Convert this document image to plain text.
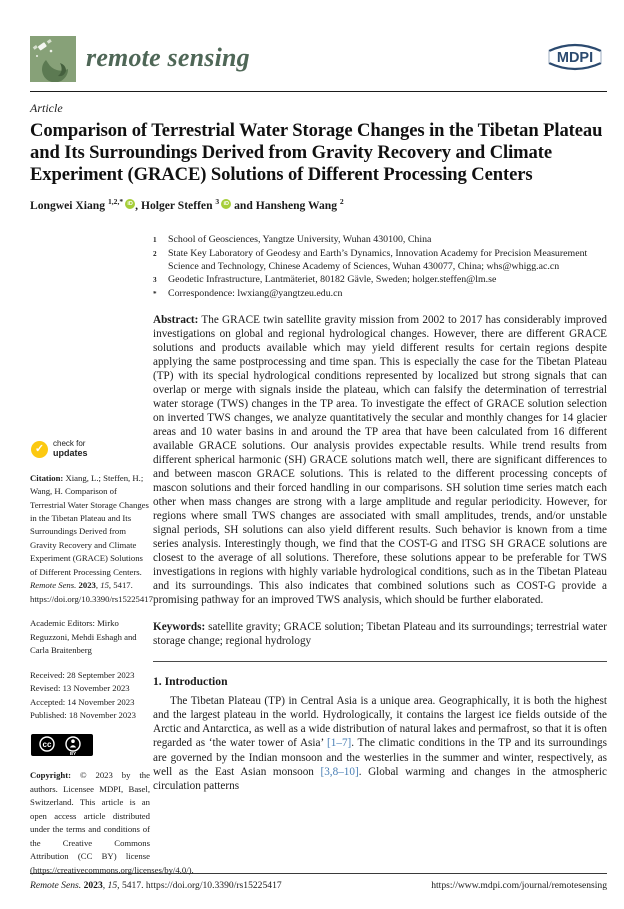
remote sensing	MDPI
Article
Comparison of Terrestrial Water Storage Changes in the Tibetan Plateau and Its Surroundings Derived from Gravity Recovery and Climate Experiment (GRACE) Solutions of Different Processing Centers
Longwei Xiang $^{1,2,*}$ iD , Holger Steffen $^3$ iD and Hansheng Wang $^2$
✓	check for
updates

Citation: Xiang, L.; Steffen, H.; Wang, H. Comparison of Terrestrial Water Storage Changes in the Tibetan Plateau and Its Surroundings Derived from Gravity Recovery and Climate Experiment (GRACE) Solutions of Different Processing Centers. Remote Sens. 2023, 15, 5417. https://doi.org/10.3390/rs15225417

Academic Editors: Mirko Reguzzoni, Mehdi Eshagh and Carla Braitenberg

Received: 28 September 2023

Revised: 13 November 2023

Accepted: 14 November 2023

Published: 18 November 2023

cc
BY

Copyright: © 2023 by the authors. Licensee MDPI, Basel, Switzerland. This article is an open access article distributed under the terms and conditions of the Creative Commons Attribution (CC BY) license (https://creativecommons.org/licenses/by/4.0/).

1	School of Geosciences, Yangtze University, Wuhan 430100, China
2	State Key Laboratory of Geodesy and Earth’s Dynamics, Innovation Academy for Precision Measurement Science and Technology, Chinese Academy of Sciences, Wuhan 430077, China; whs@whigg.ac.cn
3	Geodetic Infrastructure, Lantmäteriet, 80182 Gävle, Sweden; holger.steffen@lm.se
*	Correspondence: lwxiang@yangtzeu.edu.cn

Abstract: The GRACE twin satellite gravity mission from 2002 to 2017 has considerably improved investigations on global and regional hydrological changes. However, there are different GRACE solutions and products available which may yield different results for certain regions despite applying the same postprocessing and time span. This is especially the case for the Tibetan Plateau (TP) with its special hydrological conditions represented by localized but strong signals that can overlap or merge with signals inside the plateau, which can falsify the determination of terrestrial water storage (TWS) changes in the TP area. To investigate the effect of GRACE solution selection on inverted TWS changes, we analyze quantitatively the secular and monthly changes for 14 glacier areas and 10 water basins in and around the TP area that have been calculated from 16 different available GRACE solutions. Our analysis provides expectable results. While trend results from different spherical harmonic (SH) GRACE solutions match well, there are significant differences to and between mascon GRACE solutions. This is related to the different processing concepts of mascon solutions and their forced handling in our comparisons. SH solution time series match each other when mass changes are strong with a large amplitude and regular periodicity. However, for regions where small TWS changes are associated with small amplitudes, trends, and/or unstable signal periods, SH solutions can also yield different results. Such behavior is known from a time series analysis. Interestingly though, we find that the COST-G and ITSG SH GRACE solutions are closest to the average of all solutions. Therefore, these solutions appear to be preferable for TWS investigations in regions with highly variable hydrological conditions, such as in the Tibetan Plateau and its surroundings. This also indicates that combined solutions such as COST-G provide a promising pathway for an improved TWS analysis, which should be further elaborated.

Keywords: satellite gravity; GRACE solution; Tibetan Plateau and its surroundings; terrestrial water storage change; regional hydrology

1. Introduction

The Tibetan Plateau (TP) in Central Asia is a unique area. Geographically, it is both the highest and the largest plateau in the world. Hydrologically, it contains the largest ice fields outside of the Arctic and Antarctica, as well as a wide distribution of natural lakes and permafrost, so that it is often regarded as ‘the water tower of Asia’ [1–7]. The climatic conditions in the TP and its surroundings are governed by the Indian monsoon and the westerlies in the summer and winter, respectively, as well as the East Asian monsoon [3,8–10]. Global warming and changes in the atmospheric circulation patterns

Remote Sens. 2023, 15, 5417. https://doi.org/10.3390/rs15225417	https://www.mdpi.com/journal/remotesensing
